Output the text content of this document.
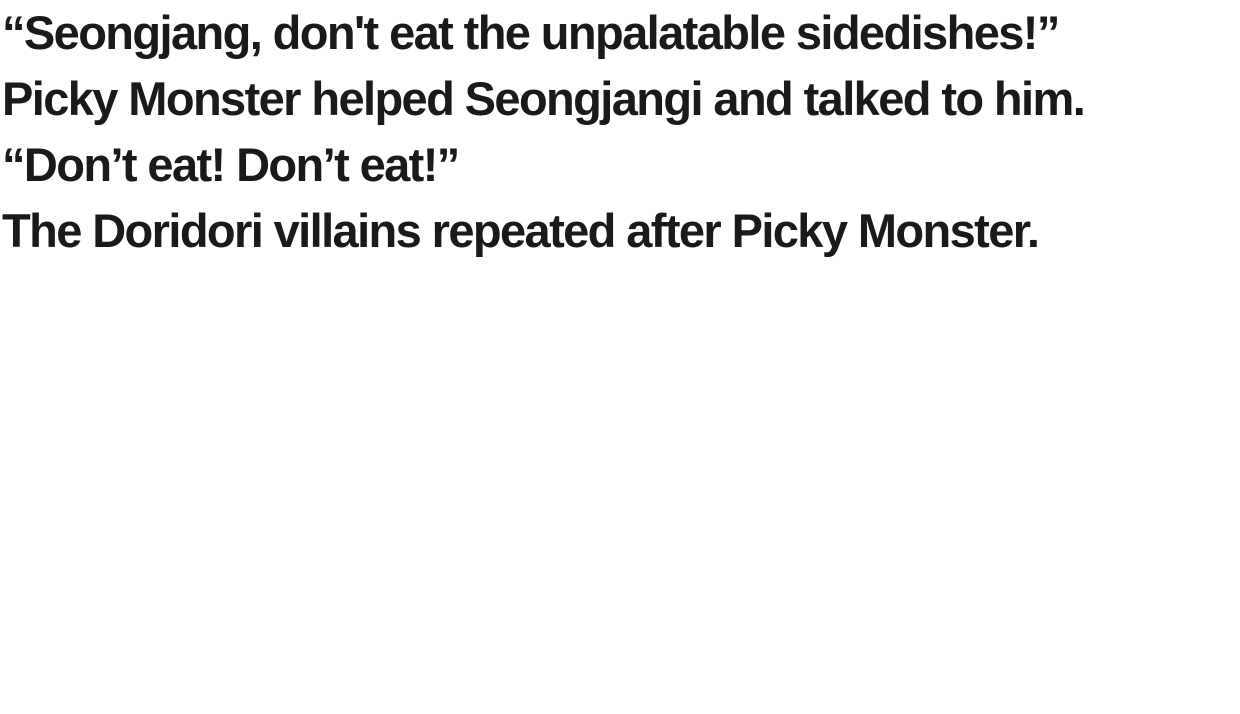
“Seongjang, don't eat the unpalatable sidedishes!”

Picky Monster helped Seongjangi and talked to him.

“Don’t eat! Don’t eat!”

The Doridori villains repeated after Picky Monster.
